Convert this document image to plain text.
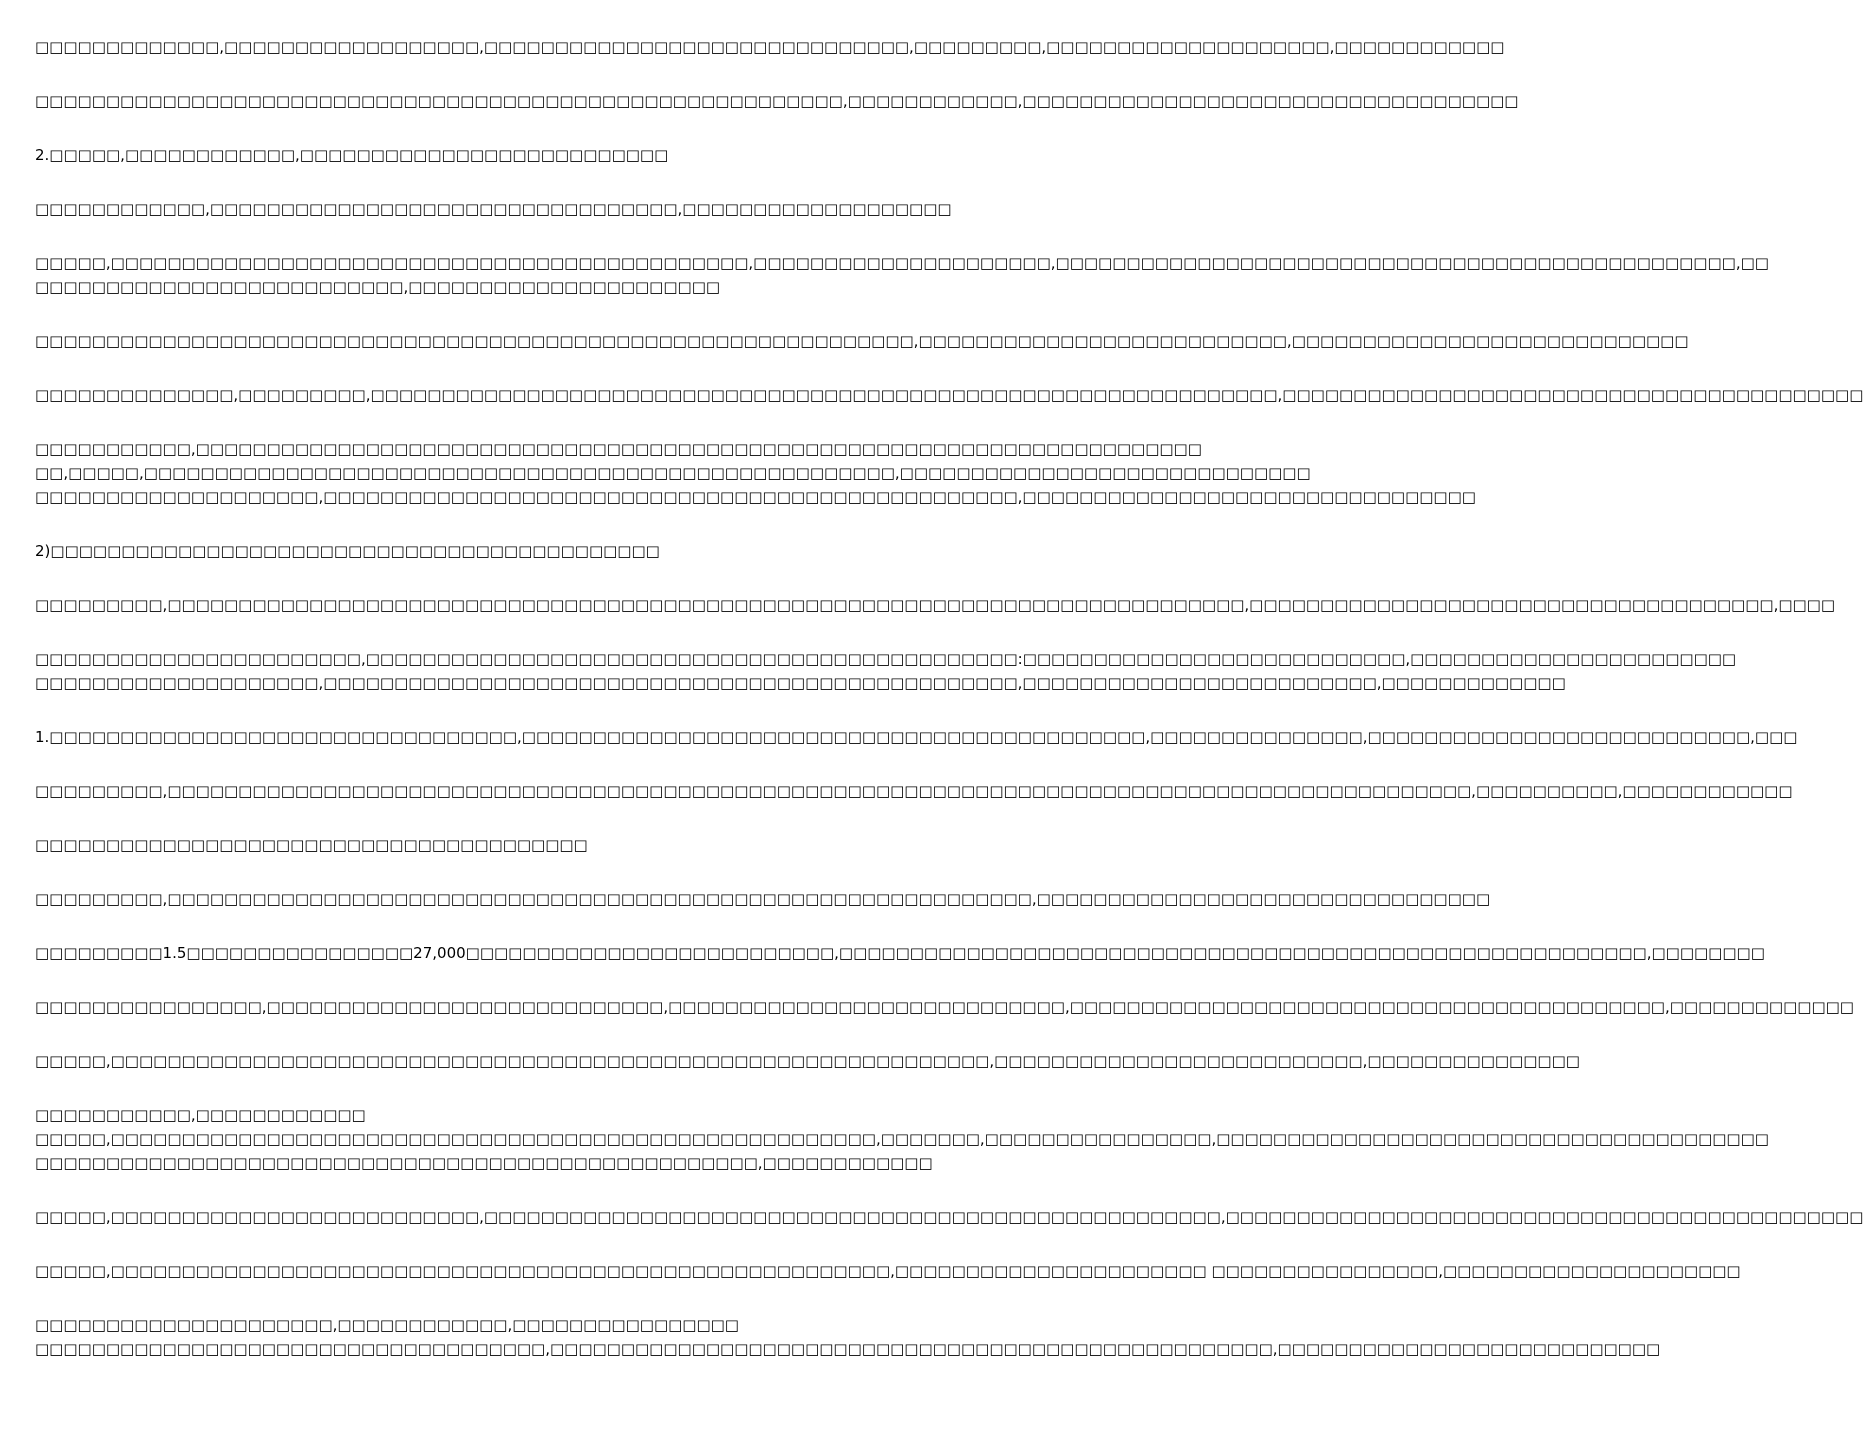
□□□□□□□□□□□□□,□□□□□□□□□□□□□□□□□□,□□□□□□□□□□□□□□□□□□□□□□□□□□□□□□,□□□□□□□□□,□□□□□□□□□□□□□□□□□□□□,□□□□□□□□□□□□
□□□□□□□□□□□□□□□□□□□□□□□□□□□□□□□□□□□□□□□□□□□□□□□□□□□□□□□□□,□□□□□□□□□□□□,□□□□□□□□□□□□□□□□□□□□□□□□□□□□□□□□□□□
2.□□□□□,□□□□□□□□□□□□,□□□□□□□□□□□□□□□□□□□□□□□□□□
□□□□□□□□□□□□,□□□□□□□□□□□□□□□□□□□□□□□□□□□□□□□□□,□□□□□□□□□□□□□□□□□□□
□□□□□,□□□□□□□□□□□□□□□□□□□□□□□□□□□□□□□□□□□□□□□□□□□□□,□□□□□□□□□□□□□□□□□□□□□,□□□□□□□□□□□□□□□□□□□□□□□□□□□□□□□□□□□□□□□□□□□□□□□□,□□
□□□□□□□□□□□□□□□□□□□□□□□□□□,□□□□□□□□□□□□□□□□□□□□□□
□□□□□□□□□□□□□□□□□□□□□□□□□□□□□□□□□□□□□□□□□□□□□□□□□□□□□□□□□□□□□□,□□□□□□□□□□□□□□□□□□□□□□□□□□,□□□□□□□□□□□□□□□□□□□□□□□□□□□□
□□□□□□□□□□□□□□,□□□□□□□□□,□□□□□□□□□□□□□□□□□□□□□□□□□□□□□□□□□□□□□□□□□□□□□□□□□□□□□□□□□□□□□□□□,□□□□□□□□□□□□□□□□□□□□□□□□□□□□□□□□□□□□□□□□□
□□□□□□□□□□□,□□□□□□□□□□□□□□□□□□□□□□□□□□□□□□□□□□□□□□□□□□□□□□□□□□□□□□□□□□□□□□□□□□□□□□□
□□,□□□□□,□□□□□□□□□□□□□□□□□□□□□□□□□□□□□□□□□□□□□□□□□□□□□□□□□□□□□,□□□□□□□□□□□□□□□□□□□□□□□□□□□□□
□□□□□□□□□□□□□□□□□□□□,□□□□□□□□□□□□□□□□□□□□□□□□□□□□□□□□□□□□□□□□□□□□□□□□□,□□□□□□□□□□□□□□□□□□□□□□□□□□□□□□□□
2)□□□□□□□□□□□□□□□□□□□□□□□□□□□□□□□□□□□□□□□□□□□
□□□□□□□□□,□□□□□□□□□□□□□□□□□□□□□□□□□□□□□□□□□□□□□□□□□□□□□□□□□□□□□□□□□□□□□□□□□□□□□□□□□□□□,□□□□□□□□□□□□□□□□□□□□□□□□□□□□□□□□□□□□□,□□□□
□□□□□□□□□□□□□□□□□□□□□□□,□□□□□□□□□□□□□□□□□□□□□□□□□□□□□□□□□□□□□□□□□□□□□□:□□□□□□□□□□□□□□□□□□□□□□□□□□□,□□□□□□□□□□□□□□□□□□□□□□□
□□□□□□□□□□□□□□□□□□□□,□□□□□□□□□□□□□□□□□□□□□□□□□□□□□□□□□□□□□□□□□□□□□□□□□,□□□□□□□□□□□□□□□□□□□□□□□□□,□□□□□□□□□□□□□
1.□□□□□□□□□□□□□□□□□□□□□□□□□□□□□□□□□,□□□□□□□□□□□□□□□□□□□□□□□□□□□□□□□□□□□□□□□□□□□□,□□□□□□□□□□□□□□□,□□□□□□□□□□□□□□□□□□□□□□□□□□□,□□□
□□□□□□□□□,□□□□□□□□□□□□□□□□□□□□□□□□□□□□□□□□□□□□□□□□□□□□□□□□□□□□□□□□□□□□□□□□□□□□□□□□□□□□□□□□□□□□□□□□□□□□,□□□□□□□□□□,□□□□□□□□□□□□
□□□□□□□□□□□□□□□□□□□□□□□□□□□□□□□□□□□□□□□
□□□□□□□□□,□□□□□□□□□□□□□□□□□□□□□□□□□□□□□□□□□□□□□□□□□□□□□□□□□□□□□□□□□□□□□,□□□□□□□□□□□□□□□□□□□□□□□□□□□□□□□□
□□□□□□□□□1.5□□□□□□□□□□□□□□□□27,000□□□□□□□□□□□□□□□□□□□□□□□□□□,□□□□□□□□□□□□□□□□□□□□□□□□□□□□□□□□□□□□□□□□□□□□□□□□□□□□□□□□□,□□□□□□□□
□□□□□□□□□□□□□□□□,□□□□□□□□□□□□□□□□□□□□□□□□□□□□,□□□□□□□□□□□□□□□□□□□□□□□□□□□□,□□□□□□□□□□□□□□□□□□□□□□□□□□□□□□□□□□□□□□□□□□,□□□□□□□□□□□□□
□□□□□,□□□□□□□□□□□□□□□□□□□□□□□□□□□□□□□□□□□□□□□□□□□□□□□□□□□□□□□□□□□□□□,□□□□□□□□□□□□□□□□□□□□□□□□□□,□□□□□□□□□□□□□□□
□□□□□□□□□□□,□□□□□□□□□□□□
□□□□□,□□□□□□□□□□□□□□□□□□□□□□□□□□□□□□□□□□□□□□□□□□□□□□□□□□□□□□,□□□□□□□,□□□□□□□□□□□□□□□□,□□□□□□□□□□□□□□□□□□□□□□□□□□□□□□□□□□□□□□□
□□□□□□□□□□□□□□□□□□□□□□□□□□□□□□□□□□□□□□□□□□□□□□□□□□□,□□□□□□□□□□□□
□□□□□,□□□□□□□□□□□□□□□□□□□□□□□□□□,□□□□□□□□□□□□□□□□□□□□□□□□□□□□□□□□□□□□□□□□□□□□□□□□□□□□,□□□□□□□□□□□□□□□□□□□□□□□□□□□□□□□□□□□□□□□□□□□□□
□□□□□,□□□□□□□□□□□□□□□□□□□□□□□□□□□□□□□□□□□□□□□□□□□□□□□□□□□□□□□,□□□□□□□□□□□□□□□□□□□□□□ □□□□□□□□□□□□□□□□,□□□□□□□□□□□□□□□□□□□□□
□□□□□□□□□□□□□□□□□□□□□,□□□□□□□□□□□□,□□□□□□□□□□□□□□□□
□□□□□□□□□□□□□□□□□□□□□□□□□□□□□□□□□□□□,□□□□□□□□□□□□□□□□□□□□□□□□□□□□□□□□□□□□□□□□□□□□□□□□□□□,□□□□□□□□□□□□□□□□□□□□□□□□□□□
